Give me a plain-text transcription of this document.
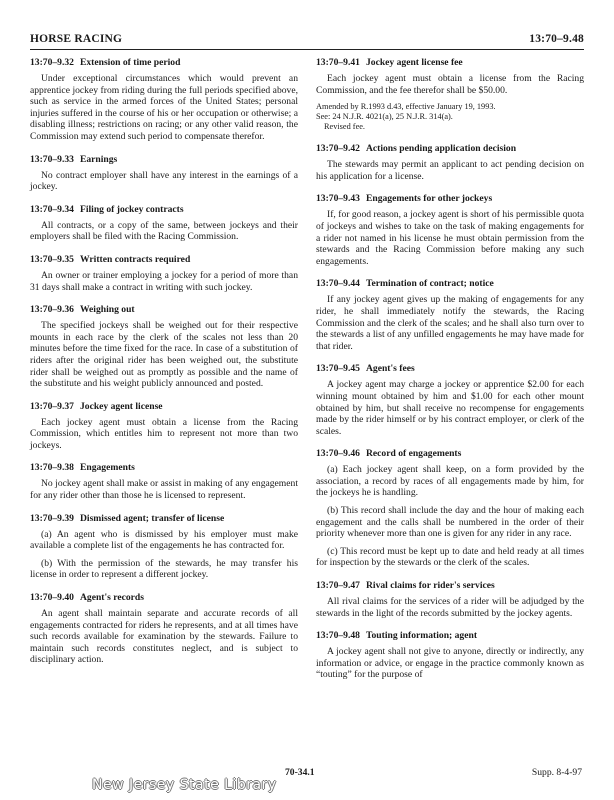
HORSE RACING	13:70–9.48
13:70–9.32 Extension of time period

Under exceptional circumstances which would prevent an apprentice jockey from riding during the full periods specified above, such as service in the armed forces of the United States; personal injuries suffered in the course of his or her occupation or otherwise; a disabling illness; restrictions on racing; or any other valid reason, the Commission may extend such period to compensate therefor.

13:70–9.33 Earnings

No contract employer shall have any interest in the earnings of a jockey.

13:70–9.34 Filing of jockey contracts

All contracts, or a copy of the same, between jockeys and their employers shall be filed with the Racing Commission.

13:70–9.35 Written contracts required

An owner or trainer employing a jockey for a period of more than 31 days shall make a contract in writing with such jockey.

13:70–9.36 Weighing out

The specified jockeys shall be weighed out for their respective mounts in each race by the clerk of the scales not less than 20 minutes before the time fixed for the race. In case of a substitution of riders after the original rider has been weighed out, the substitute rider shall be weighed out as promptly as possible and the name of the substitute and his weight publicly announced and posted.

13:70–9.37 Jockey agent license

Each jockey agent must obtain a license from the Racing Commission, which entitles him to represent not more than two jockeys.

13:70–9.38 Engagements

No jockey agent shall make or assist in making of any engagement for any rider other than those he is licensed to represent.

13:70–9.39 Dismissed agent; transfer of license

(a) An agent who is dismissed by his employer must make available a complete list of the engagements he has contracted for.

(b) With the permission of the stewards, he may transfer his license in order to represent a different jockey.

13:70–9.40 Agent's records

An agent shall maintain separate and accurate records of all engagements contracted for riders he represents, and at all times have such records available for examination by the stewards. Failure to maintain such records constitutes neglect, and is subject to disciplinary action.

13:70–9.41 Jockey agent license fee

Each jockey agent must obtain a license from the Racing Commission, and the fee therefor shall be $50.00.

Amended by R.1993 d.43, effective January 19, 1993.
See: 24 N.J.R. 4021(a), 25 N.J.R. 314(a).
Revised fee.

13:70–9.42 Actions pending application decision

The stewards may permit an applicant to act pending decision on his application for a license.

13:70–9.43 Engagements for other jockeys

If, for good reason, a jockey agent is short of his permissible quota of jockeys and wishes to take on the task of making engagements for a rider not named in his license he must obtain permission from the stewards and the Racing Commission before making any such engagements.

13:70–9.44 Termination of contract; notice

If any jockey agent gives up the making of engagements for any rider, he shall immediately notify the stewards, the Racing Commission and the clerk of the scales; and he shall also turn over to the stewards a list of any unfilled engagements he may have made for that rider.

13:70–9.45 Agent's fees

A jockey agent may charge a jockey or apprentice $2.00 for each winning mount obtained by him and $1.00 for each other mount obtained by him, but shall receive no recompense for engagements made by the rider himself or by his contract employer, or clerk of the scales.

13:70–9.46 Record of engagements

(a) Each jockey agent shall keep, on a form provided by the association, a record by races of all engagements made by him, for the jockeys he is handling.

(b) This record shall include the day and the hour of making each engagement and the calls shall be numbered in the order of their priority whenever more than one is given for any rider in any race.

(c) This record must be kept up to date and held ready at all times for inspection by the stewards or the clerk of the scales.

13:70–9.47 Rival claims for rider's services

All rival claims for the services of a rider will be adjudged by the stewards in the light of the records submitted by the jockey agents.

13:70–9.48 Touting information; agent

A jockey agent shall not give to anyone, directly or indirectly, any information or advice, or engage in the practice commonly known as “touting” for the purpose of

70-34.1	Supp. 8-4-97
New Jersey State Library
